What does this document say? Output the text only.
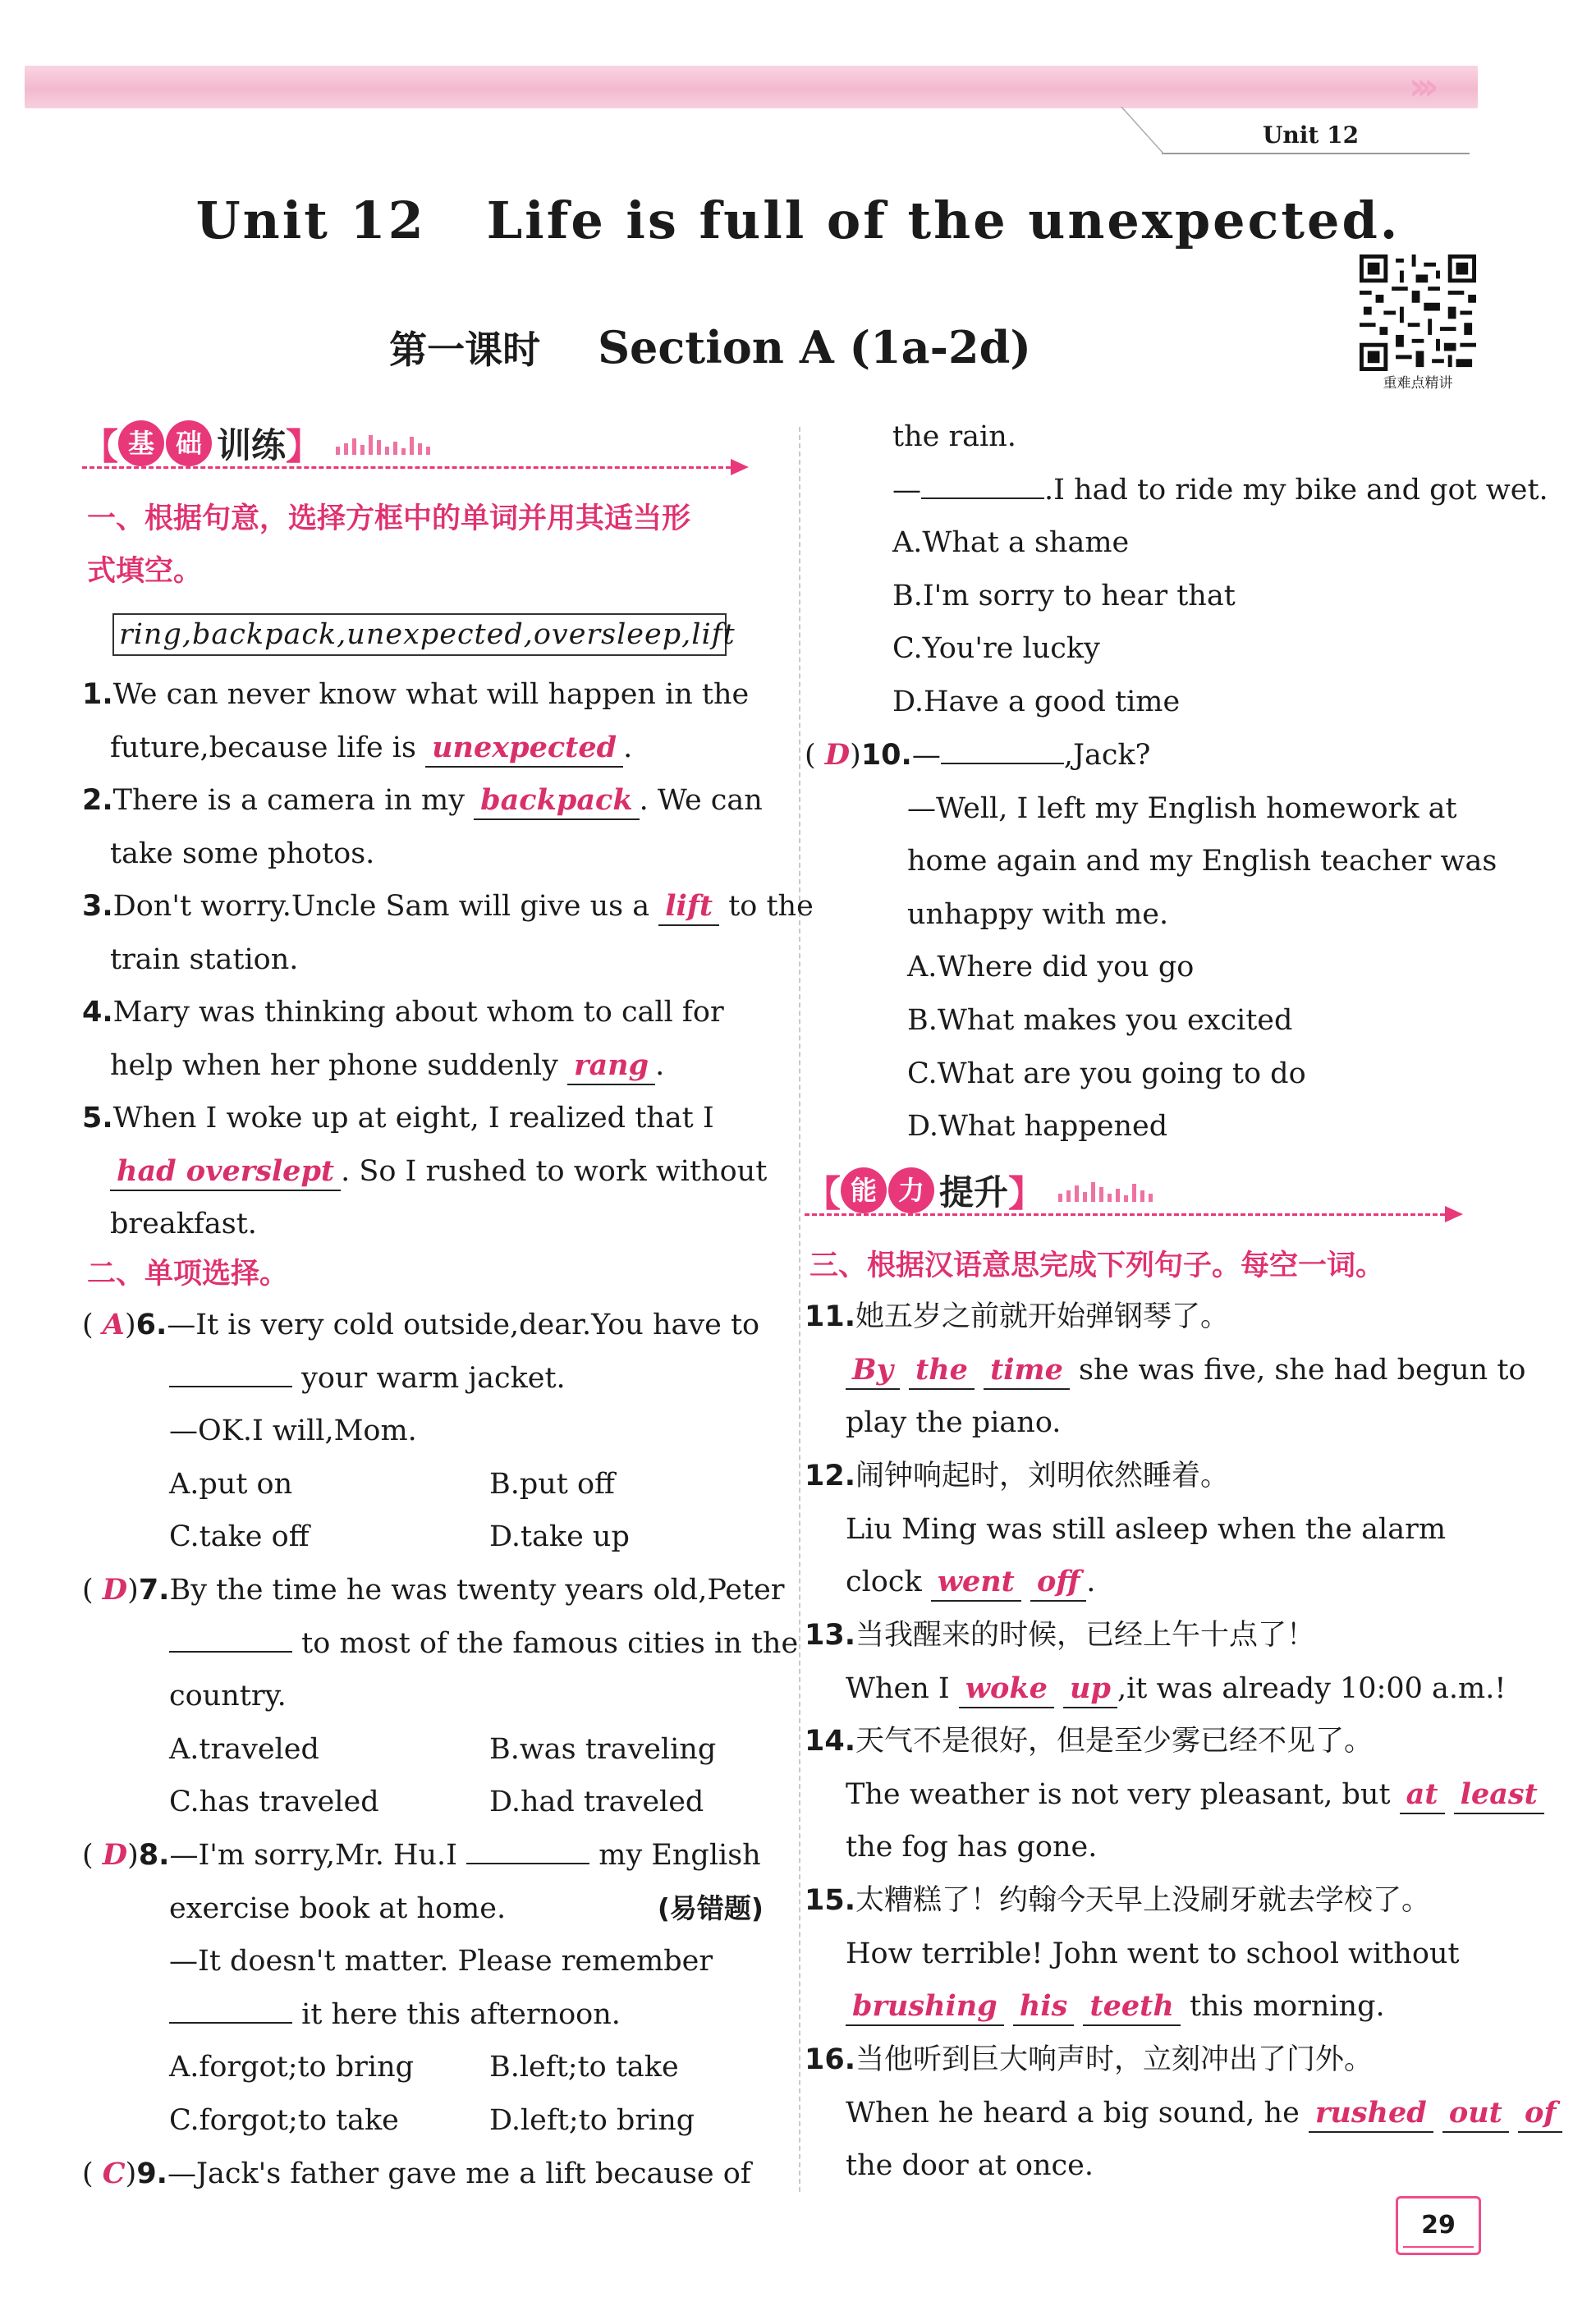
›››
Unit 12
Unit 12   Life is full of the unexpected.
第一课时 Section A (1a-2d)
重难点精讲
【 基 础 训练】
一、根据句意，选择方框中的单词并用其适当形
式填空。
ring,backpack,unexpected,oversleep,lift
1.We can never know what will happen in the
future,because life is unexpected .
2.There is a camera in my backpack . We can
take some photos.
3.Don't worry.Uncle Sam will give us a lift to the
train station.
4.Mary was thinking about whom to call for
help when her phone suddenly rang .
5.When I woke up at eight, I realized that I
had overslept . So I rushed to work without
breakfast.
二、单项选择。
( A)6.—It is very cold outside,dear.You have to
your warm jacket.
—OK.I will,Mom.
A.put on	B.put off
C.take off	D.take up
( D)7.By the time he was twenty years old,Peter
to most of the famous cities in the
country.
A.traveled	B.was traveling
C.has traveled	D.had traveled
( D)8.—I'm sorry,Mr. Hu.I	my English
exercise book at home.	(易错题)
—It doesn't matter. Please remember
it here this afternoon.
A.forgot;to bring	B.left;to take
C.forgot;to take	D.left;to bring
( C)9.—Jack's father gave me a lift because of
the rain.
—	.I had to ride my bike and got wet.
A.What a shame
B.I'm sorry to hear that
C.You're lucky
D.Have a good time
( D)10.—	,Jack?
—Well, I left my English homework at
home again and my English teacher was
unhappy with me.
A.Where did you go
B.What makes you excited
C.What are you going to do
D.What happened
【 能 力 提升】
三、根据汉语意思完成下列句子。每空一词。
11.她五岁之前就开始弹钢琴了。
By the time she was five, she had begun to
play the piano.
12.闹钟响起时，刘明依然睡着。
Liu Ming was still asleep when the alarm
clock went off .
13.当我醒来的时候，已经上午十点了！
When I woke up ,it was already 10:00 a.m.!
14.天气不是很好，但是至少雾已经不见了。
The weather is not very pleasant, but at least
the fog has gone.
15.太糟糕了！约翰今天早上没刷牙就去学校了。
How terrible! John went to school without
brushing his teeth this morning.
16.当他听到巨大响声时，立刻冲出了门外。
When he heard a big sound, he rushed out of
the door at once.
29
